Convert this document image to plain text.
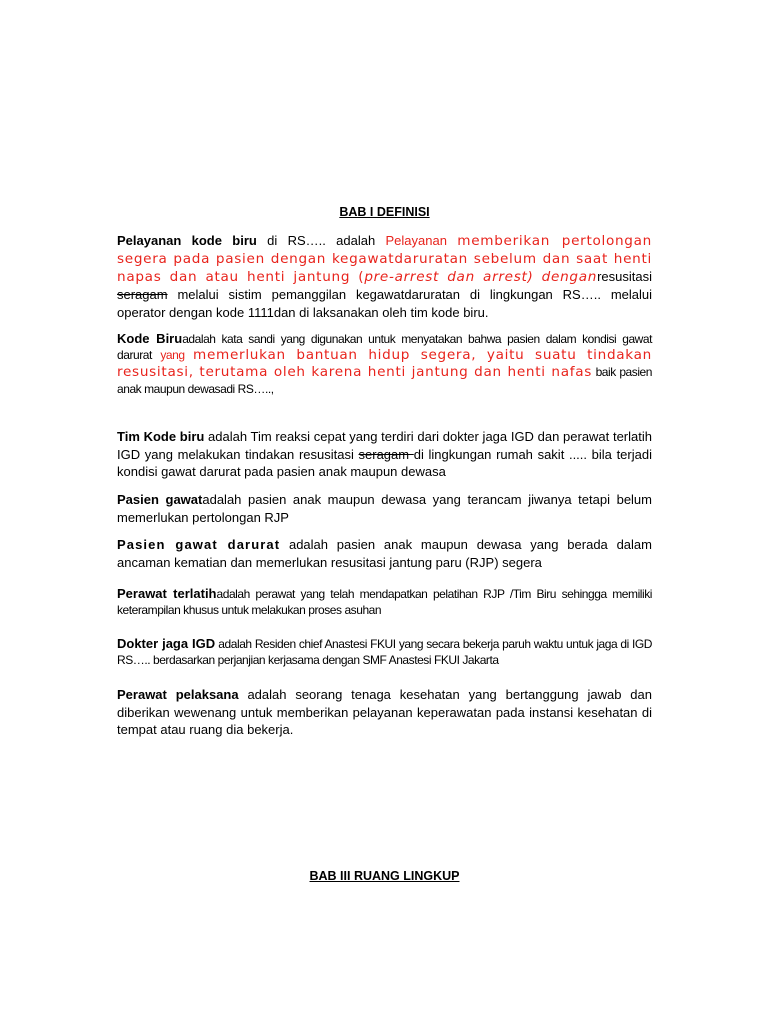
BAB I DEFINISI

Pelayanan kode biru di RS….. adalah Pelayanan memberikan pertolongan segera pada pasien dengan kegawatdaruratan sebelum dan saat henti napas dan atau henti jantung (pre-arrest dan arrest) denganresusitasi seragam melalui sistim pemanggilan kegawatdaruratan di lingkungan RS….. melalui operator dengan kode 1111dan di laksanakan oleh tim kode biru.

Kode Biruadalah kata sandi yang digunakan untuk menyatakan bahwa pasien dalam kondisi gawat darurat yang memerlukan bantuan hidup segera, yaitu suatu tindakan resusitasi, terutama oleh karena henti jantung dan henti nafas baik pasien anak maupun dewasadi RS…..,

Tim Kode biru adalah Tim reaksi cepat yang terdiri dari dokter jaga IGD dan perawat terlatih IGD yang melakukan tindakan resusitasi seragam di lingkungan rumah sakit ..... bila terjadi kondisi gawat darurat pada pasien anak maupun dewasa

Pasien gawatadalah pasien anak maupun dewasa yang terancam jiwanya tetapi belum memerlukan pertolongan RJP

Pasien gawat darurat adalah pasien anak maupun dewasa yang berada dalam ancaman kematian dan memerlukan resusitasi jantung paru (RJP) segera

Perawat terlatihadalah perawat yang telah mendapatkan pelatihan RJP /Tim Biru sehingga memiliki keterampilan khusus untuk melakukan proses asuhan

Dokter jaga IGD adalah Residen chief Anastesi FKUI yang secara bekerja paruh waktu untuk jaga di IGD RS….. berdasarkan perjanjian kerjasama dengan SMF Anastesi FKUI Jakarta

Perawat pelaksana adalah seorang tenaga kesehatan yang bertanggung jawab dan diberikan wewenang untuk memberikan pelayanan keperawatan pada instansi kesehatan di tempat atau ruang dia bekerja.

BAB III RUANG LINGKUP
